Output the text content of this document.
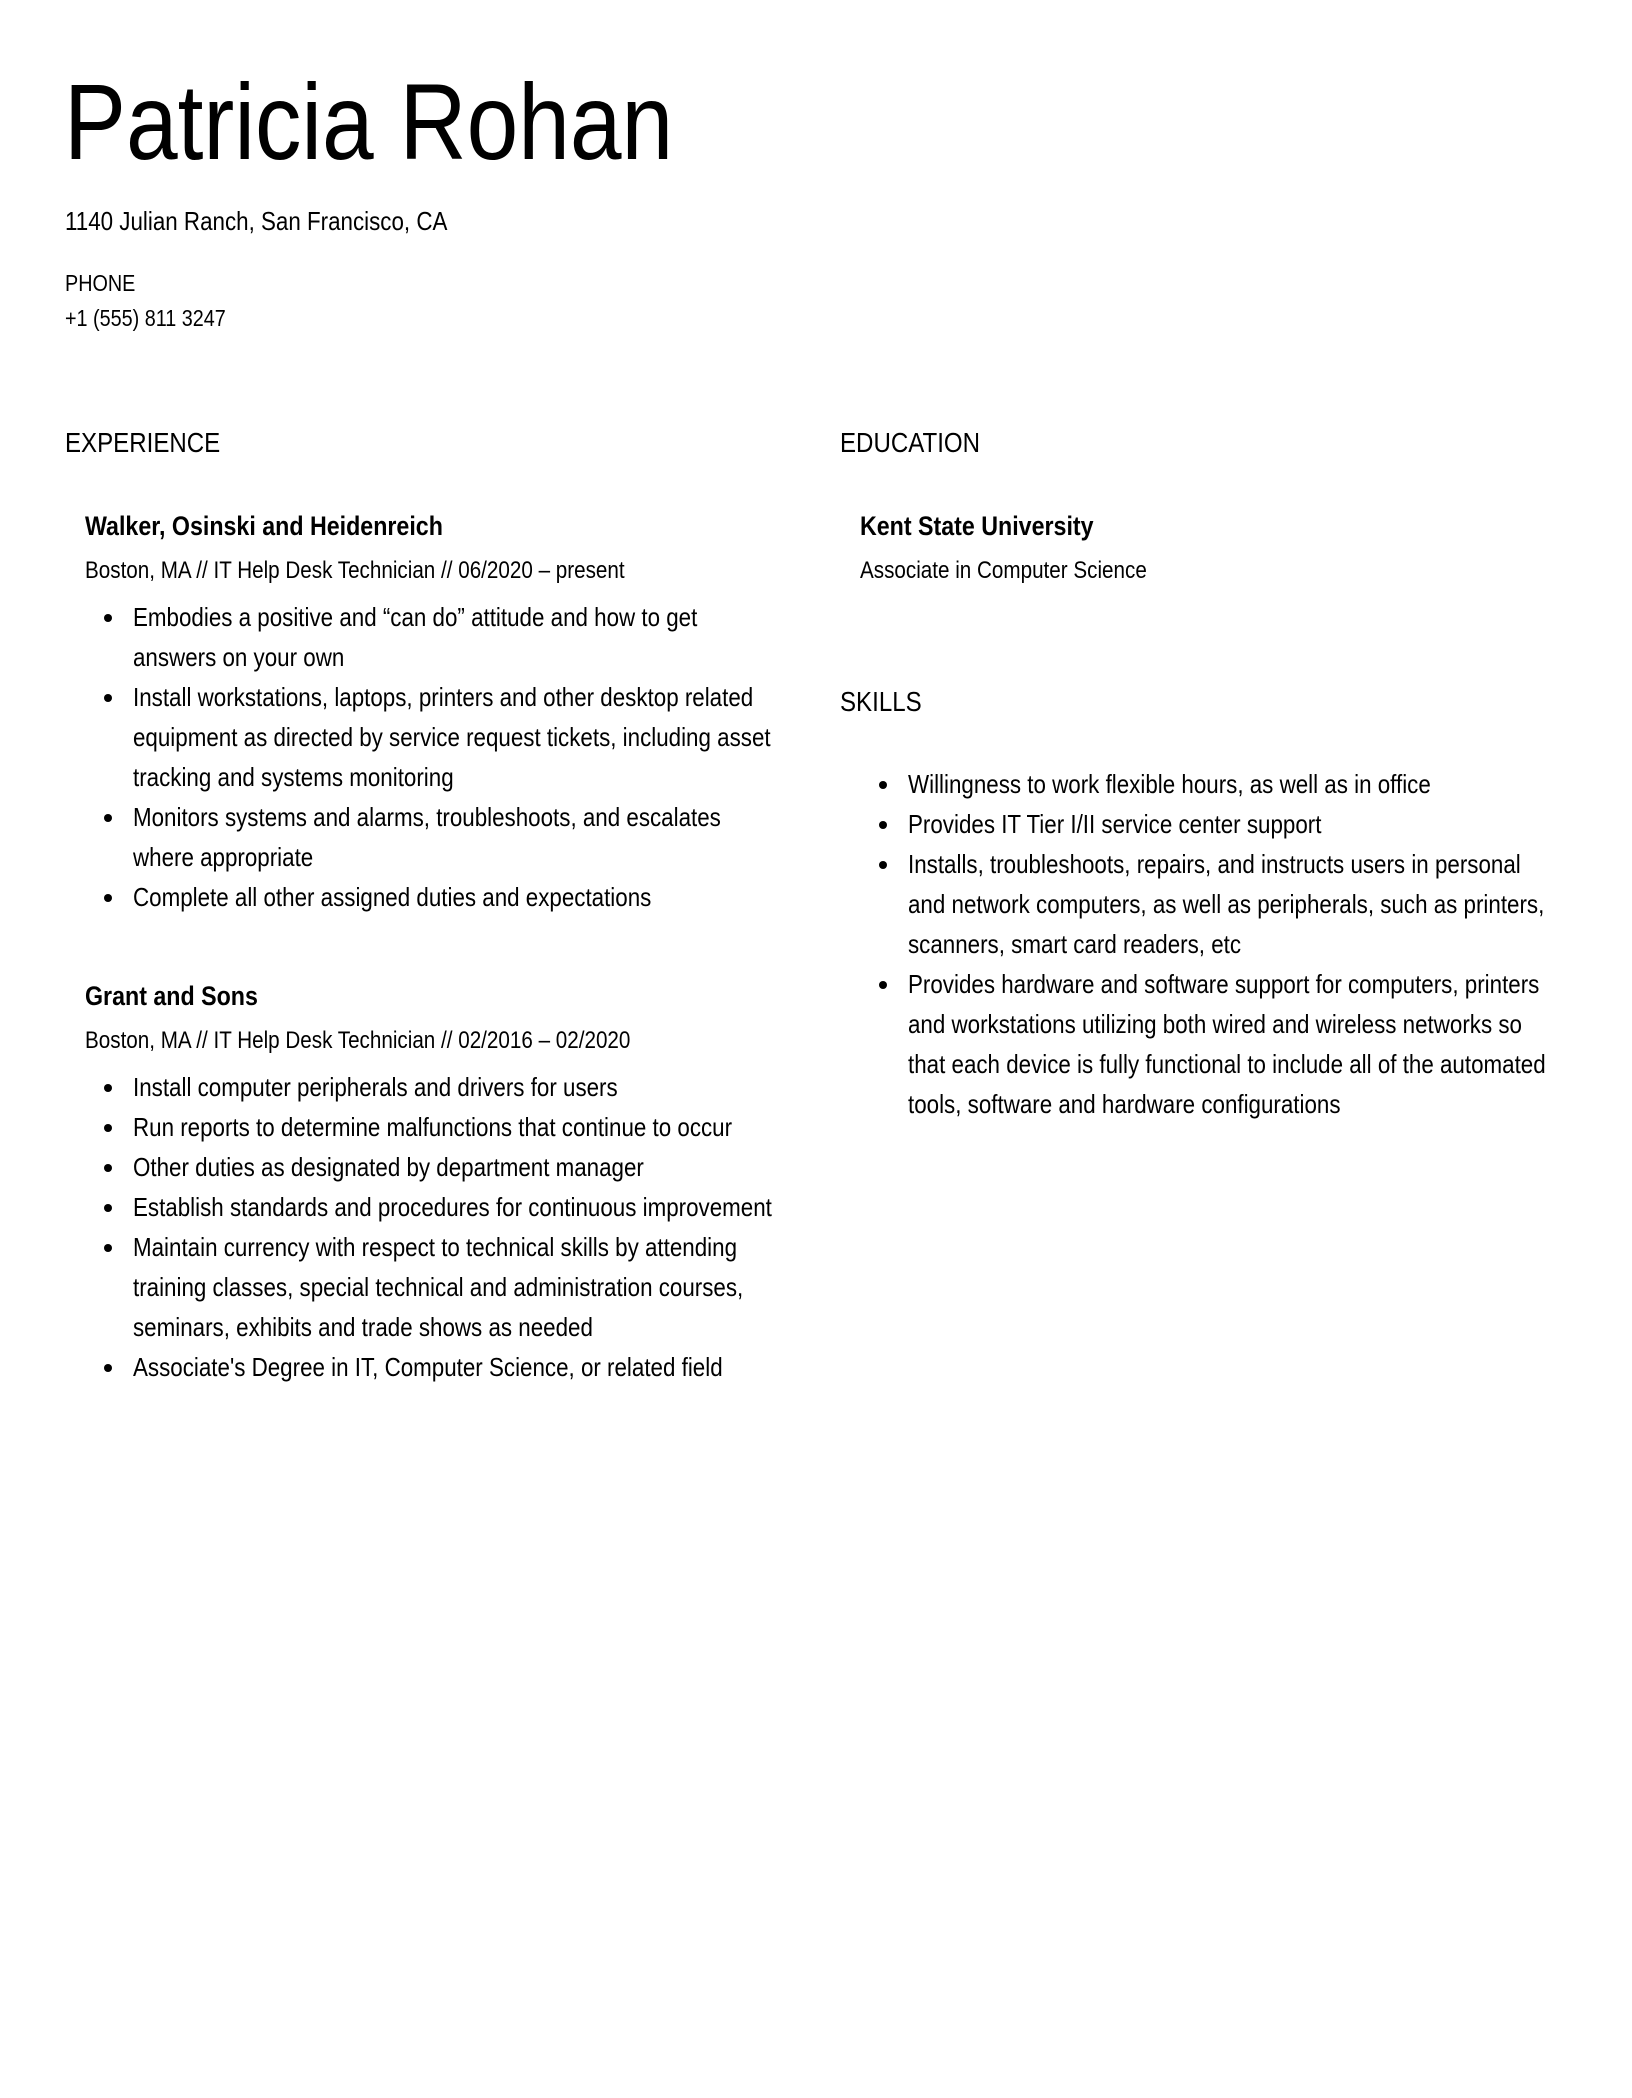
Patricia Rohan
1140 Julian Ranch, San Francisco, CA
PHONE
+1 (555) 811 3247
EXPERIENCE
Walker, Osinski and Heidenreich
Boston, MA // IT Help Desk Technician // 06/2020 – present
Embodies a positive and “can do” attitude and how to get answers on your own
Install workstations, laptops, printers and other desktop related equipment as directed by service request tickets, including asset tracking and systems monitoring
Monitors systems and alarms, troubleshoots, and escalates where appropriate
Complete all other assigned duties and expectations
Grant and Sons
Boston, MA // IT Help Desk Technician // 02/2016 – 02/2020
Install computer peripherals and drivers for users
Run reports to determine malfunctions that continue to occur
Other duties as designated by department manager
Establish standards and procedures for continuous improvement
Maintain currency with respect to technical skills by attending training classes, special technical and administration courses, seminars, exhibits and trade shows as needed
Associate's Degree in IT, Computer Science, or related field
EDUCATION
Kent State University
Associate in Computer Science
SKILLS
Willingness to work flexible hours, as well as in office
Provides IT Tier I/II service center support
Installs, troubleshoots, repairs, and instructs users in personal and network computers, as well as peripherals, such as printers, scanners, smart card readers, etc
Provides hardware and software support for computers, printers and workstations utilizing both wired and wireless networks so that each device is fully functional to include all of the automated tools, software and hardware configurations
